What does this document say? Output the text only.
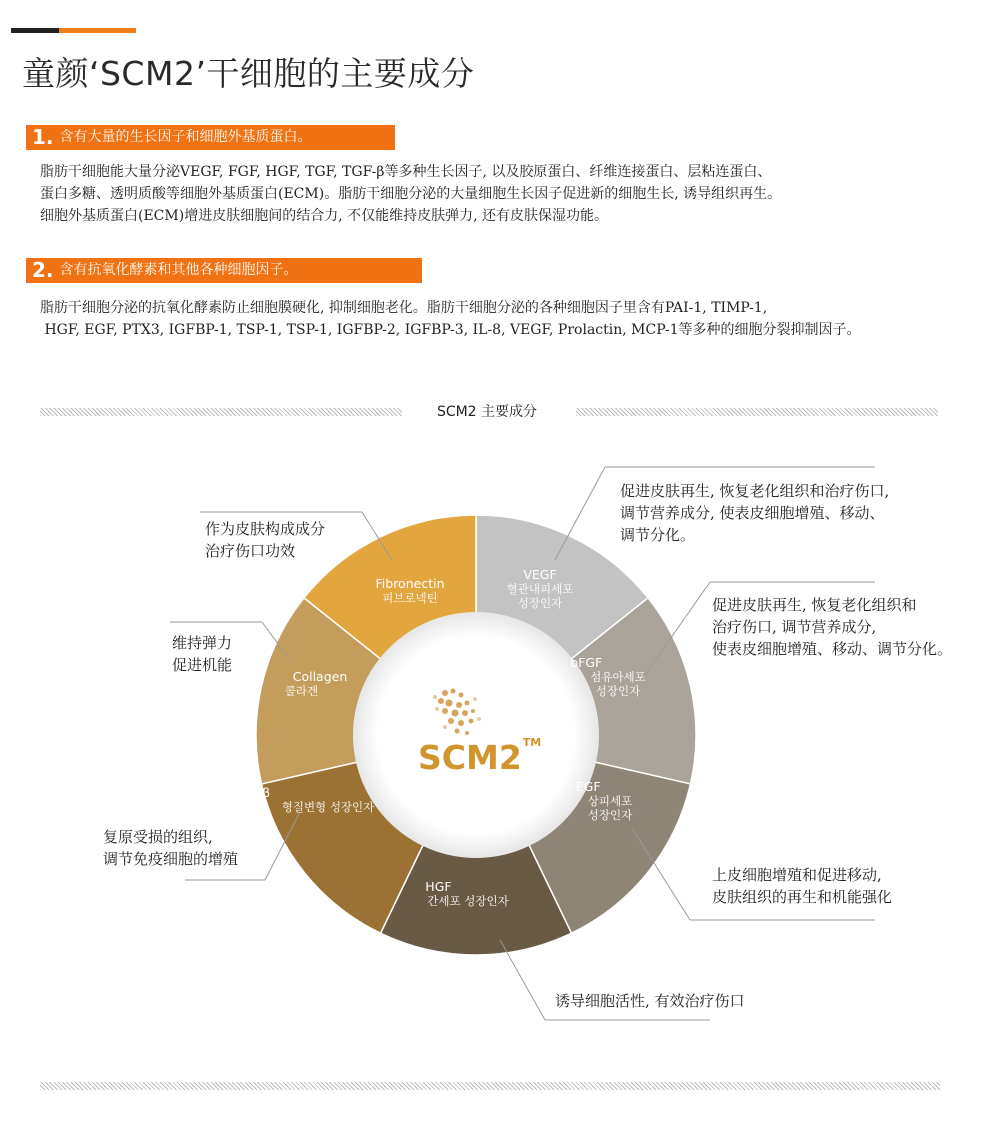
童颜‘SCM2’干细胞的主要成分
1. 含有大量的生长因子和细胞外基质蛋白。
脂肪干细胞能大量分泌VEGF, FGF, HGF, TGF, TGF-β等多种生长因子, 以及胶原蛋白、纤维连接蛋白、层粘连蛋白、
蛋白多糖、透明质酸等细胞外基质蛋白(ECM)。脂肪干细胞分泌的大量细胞生长因子促进新的细胞生长, 诱导组织再生。
细胞外基质蛋白(ECM)增进皮肤细胞间的结合力, 不仅能维持皮肤弹力, 还有皮肤保湿功能。
2. 含有抗氧化酵素和其他各种细胞因子。
脂肪干细胞分泌的抗氧化酵素防止细胞膜硬化, 抑制细胞老化。脂肪干细胞分泌的各种细胞因子里含有PAI-1, TIMP-1,
HGF, EGF, PTX3, IGFBP-1, TSP-1, TSP-1, IGFBP-2, IGFBP-3, IL-8, VEGF, Prolactin, MCP-1等多种的细胞分裂抑制因子。
SCM2 主要成分
SCM2™
VEGF
혈관내피세포
성장인자
bFGF
섬유아세포
성장인자
EGF
상피세포
성장인자
HGF
간세포 성장인자
TGFβ
형질변형 성장인자
Collagen
콜라겐
Fibronectin
피브로넥틴
促进皮肤再生, 恢复老化组织和治疗伤口,
调节营养成分, 使表皮细胞增殖、移动、
调节分化。
促进皮肤再生, 恢复老化组织和
治疗伤口, 调节营养成分,
使表皮细胞增殖、移动、调节分化。
上皮细胞增殖和促进移动,
皮肤组织的再生和机能强化
诱导细胞活性, 有效治疗伤口
复原受损的组织,
调节免疫细胞的增殖
维持弹力
促进机能
作为皮肤构成成分
治疗伤口功效
